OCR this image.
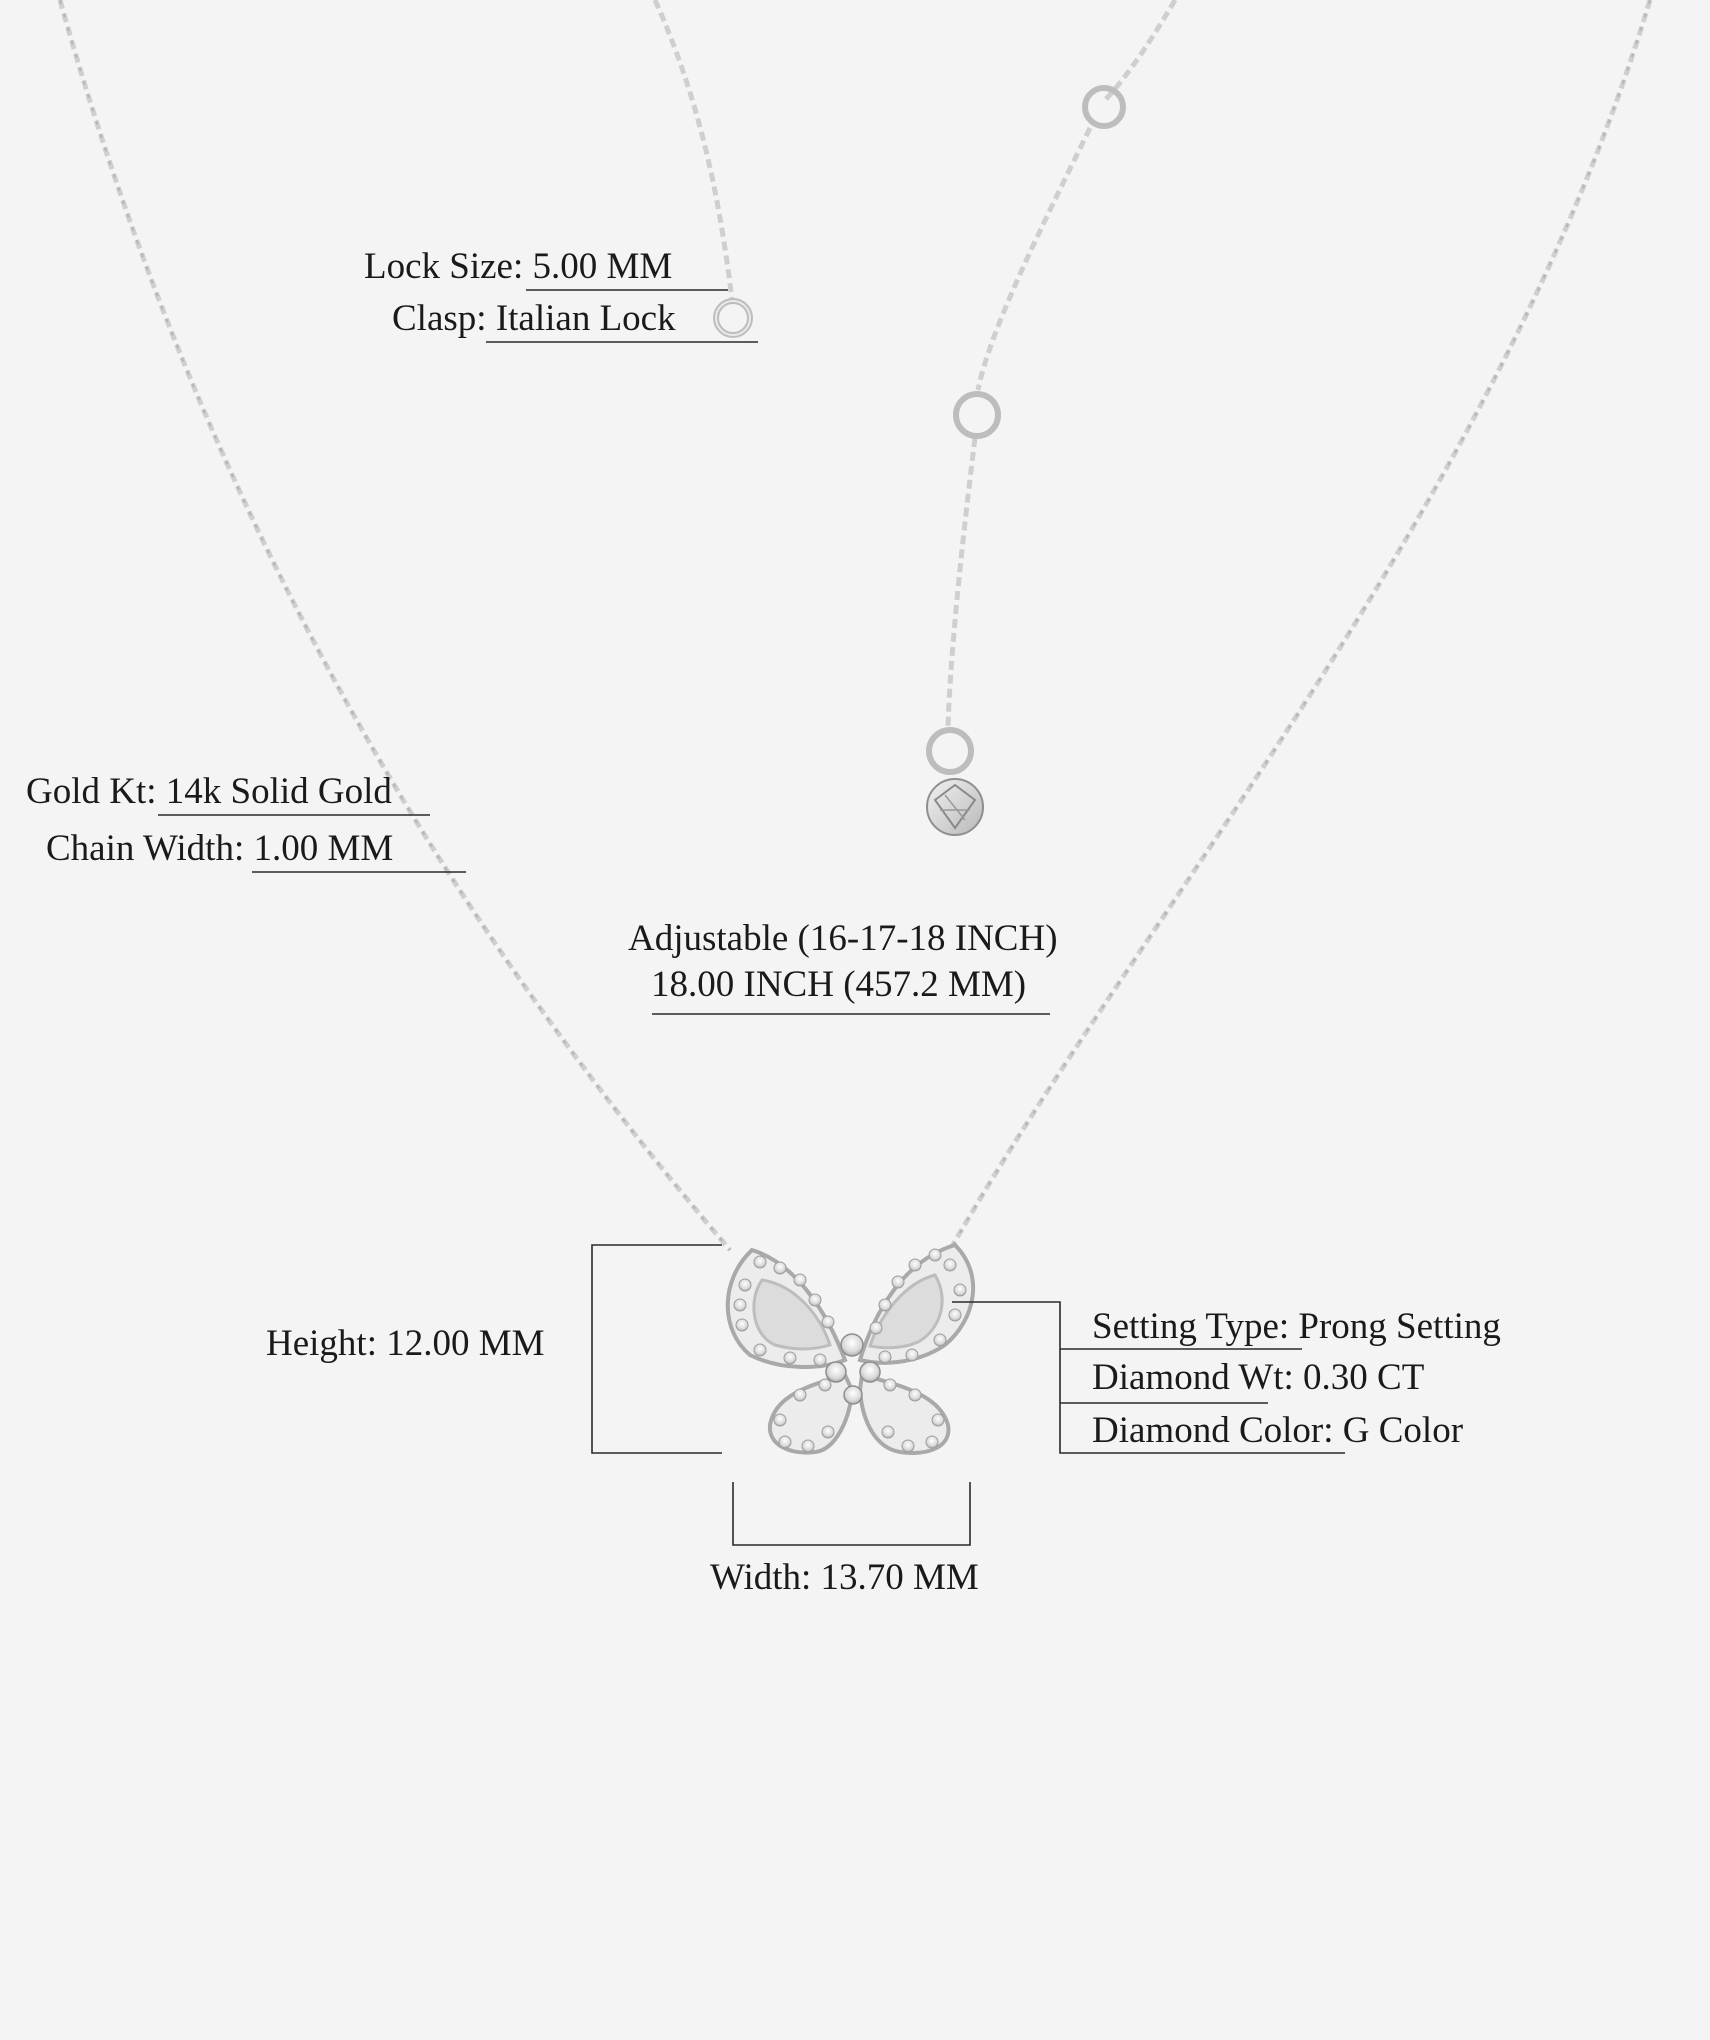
Lock Size: 5.00 MM
Clasp: Italian Lock
Gold Kt: 14k Solid Gold
Chain Width: 1.00 MM
Adjustable (16-17-18 INCH)
18.00 INCH (457.2 MM)
Height: 12.00 MM
Width: 13.70 MM
Setting Type: Prong Setting
Diamond Wt: 0.30 CT
Diamond Color: G Color
